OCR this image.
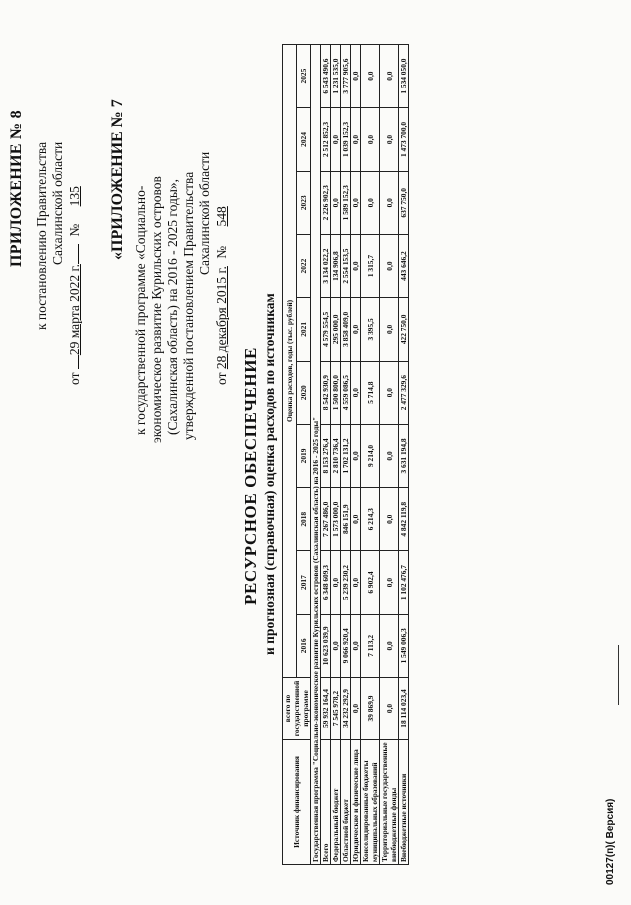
ПРИЛОЖЕНИЕ № 8 к постановлению Правительства Сахалинской области
от 29 марта 2022 г. № 135 «ПРИЛОЖЕНИЕ № 7
к государственной программе «Социально- экономическое развитие Курильских островов (Сахалинская область) на 2016 - 2025 годы», утвержденной постановлением Правительства Сахалинской области
от 28 декабря 2015 г. № 548
РЕСУРСНОЕ ОБЕСПЕЧЕНИЕ и прогнозная (справочная) оценка расходов по источникам
Источник финансирования	всего по государственной программе	Оценка расходов, годы (тыс. рублей)									
		2016	2017	2018	2019	2020	2021	2022	2023	2024	2025
Государственная программа "Социально-экономическое развитие Курильских островов (Сахалинская область) на 2016 - 2025 годы"											
Всего	59 932 164,4	10 623 039,9	6 348 609,3	7 267 486,0	8 153 276,4	8 542 930,9	4 579 554,5	3 134 022,2	2 226 902,3	2 512 852,3	6 543 490,6
Федеральный бюджет	7 545 978,2	0,0	0,0	1 573 000,0	2 810 736,4	1 500 800,0	295 000,0	134 906,8	0,0	0,0	1 231 535,0
Областной бюджет	34 232 292,9	9 066 920,4	5 239 230,2	846 151,9	1 702 131,2	4 559 086,5	3 858 409,0	2 554 153,5	1 589 152,3	1 039 152,3	3 777 905,6
Юридические и физические лица	0,0	0,0	0,0	0,0	0,0	0,0	0,0	0,0	0,0	0,0	0,0
Консолидированные бюджеты муниципальных образований	39 869,9	7 113,2	6 902,4	6 214,3	9 214,0	5 714,8	3 395,5	1 315,7	0,0	0,0	0,0
Территориальные государственные внебюджетные фонды	0,0	0,0	0,0	0,0	0,0	0,0	0,0	0,0	0,0	0,0	0,0
Внебюджетные источники	18 114 023,4	1 549 006,3	1 102 476,7	4 842 119,8	3 631 194,8	2 477 329,6	422 750,0	443 646,2	637 750,0	1 473 700,0	1 534 050,0
00127(п)( Версия)
